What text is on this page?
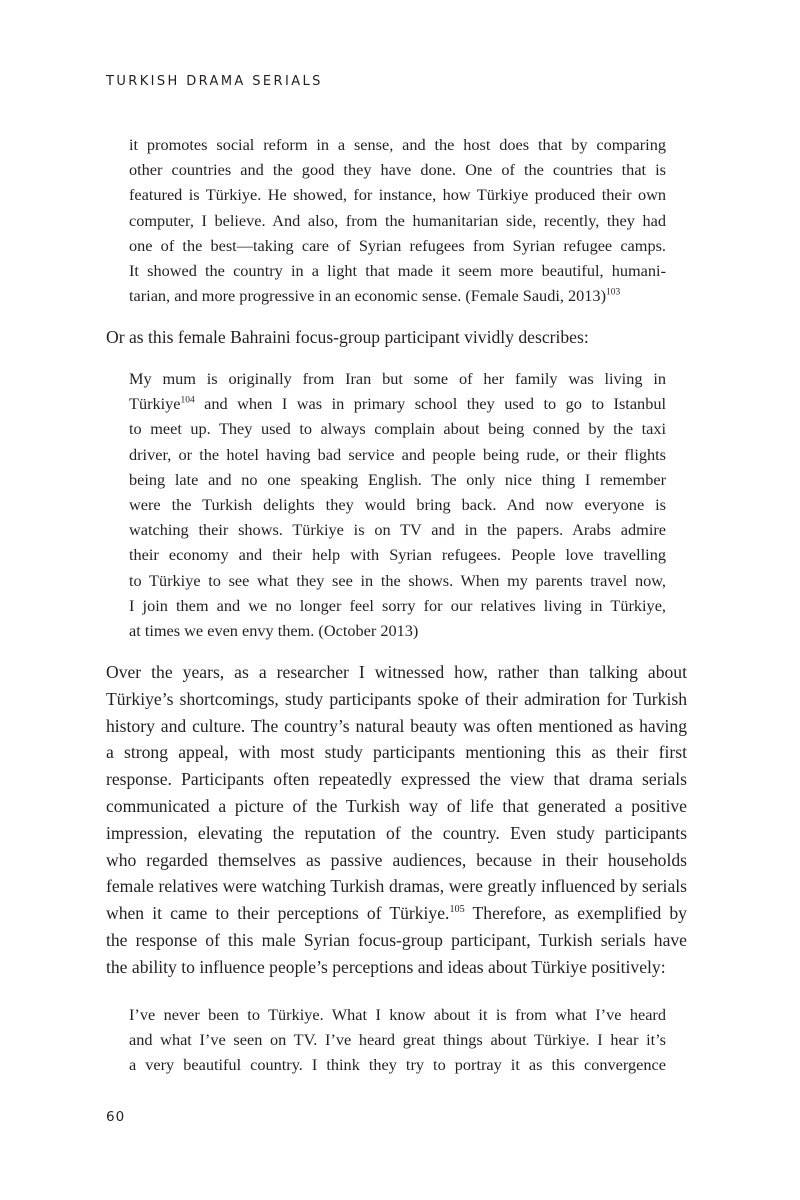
TURKISH DRAMA SERIALS
it promotes social reform in a sense, and the host does that by comparing
other countries and the good they have done. One of the countries that is
featured is Türkiye. He showed, for instance, how Türkiye produced their own
computer, I believe. And also, from the humanitarian side, recently, they had
one of the best—taking care of Syrian refugees from Syrian refugee camps.
It showed the country in a light that made it seem more beautiful, humani-
tarian, and more progressive in an economic sense. (Female Saudi, 2013)$^{103}$
Or as this female Bahraini focus-group participant vividly describes:
My mum is originally from Iran but some of her family was living in
Türkiye$^{104}$ and when I was in primary school they used to go to Istanbul
to meet up. They used to always complain about being conned by the taxi
driver, or the hotel having bad service and people being rude, or their flights
being late and no one speaking English. The only nice thing I remember
were the Turkish delights they would bring back. And now everyone is
watching their shows. Türkiye is on TV and in the papers. Arabs admire
their economy and their help with Syrian refugees. People love travelling
to Türkiye to see what they see in the shows. When my parents travel now,
I join them and we no longer feel sorry for our relatives living in Türkiye,
at times we even envy them. (October 2013)
Over the years, as a researcher I witnessed how, rather than talking about
Türkiye’s shortcomings, study participants spoke of their admiration for Turkish
history and culture. The country’s natural beauty was often mentioned as having
a strong appeal, with most study participants mentioning this as their first
response. Participants often repeatedly expressed the view that drama serials
communicated a picture of the Turkish way of life that generated a positive
impression, elevating the reputation of the country. Even study participants
who regarded themselves as passive audiences, because in their households
female relatives were watching Turkish dramas, were greatly influenced by serials
when it came to their perceptions of Türkiye.$^{105}$ Therefore, as exemplified by
the response of this male Syrian focus-group participant, Turkish serials have
the ability to influence people’s perceptions and ideas about Türkiye positively:
I’ve never been to Türkiye. What I know about it is from what I’ve heard
and what I’ve seen on TV. I’ve heard great things about Türkiye. I hear it’s
a very beautiful country. I think they try to portray it as this convergence
60
